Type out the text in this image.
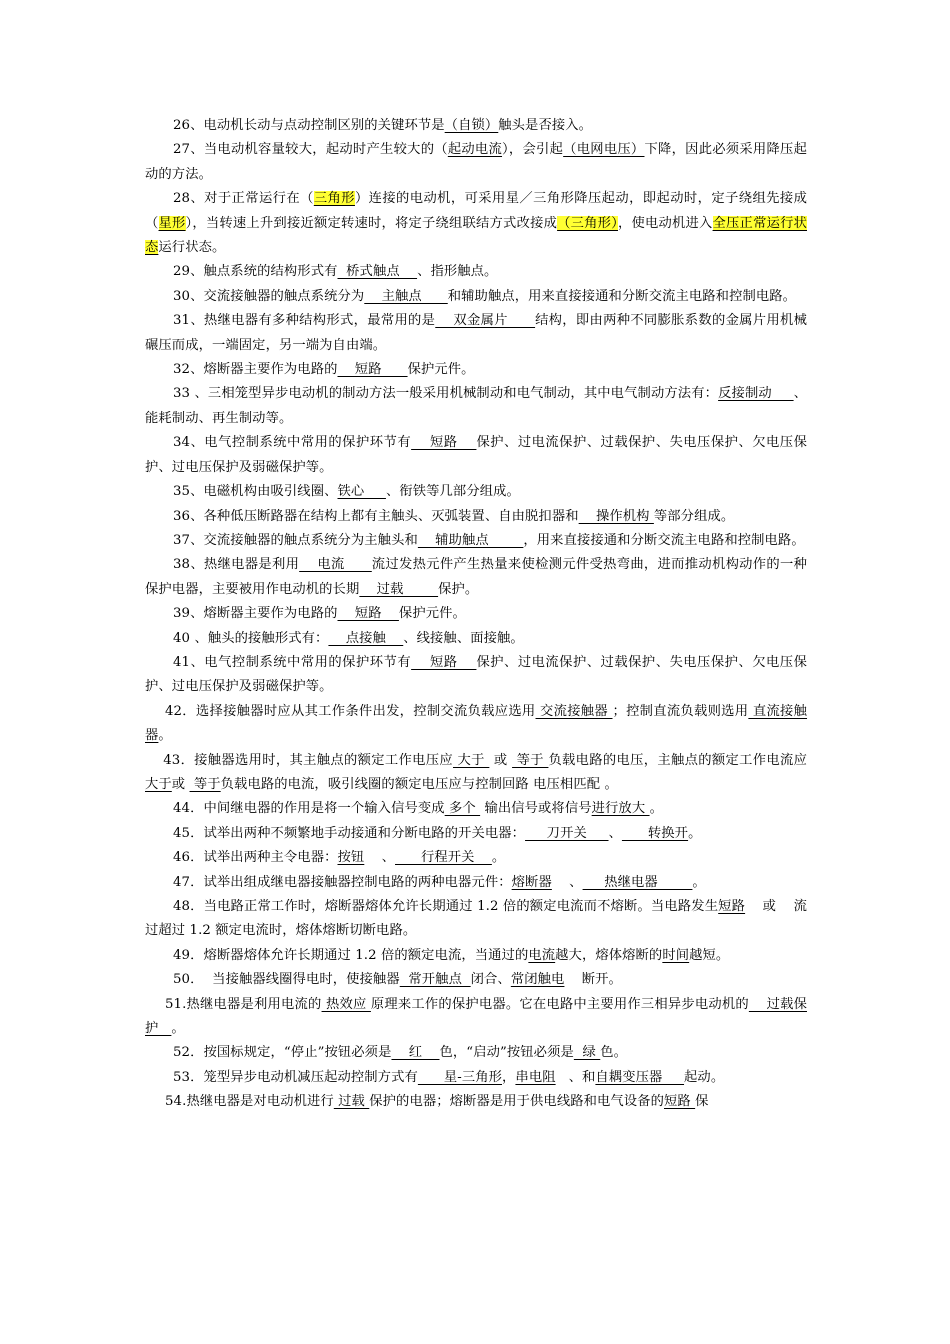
26、电动机长动与点动控制区别的关键环节是（自锁）触头是否接入。

27、当电动机容量较大，起动时产生较大的（起动电流），会引起（电网电压）下降，因此必须采用降压起动的方法。

28、对于正常运行在（三角形）连接的电动机，可采用星／三角形降压起动，即起动时，定子绕组先接成（星形），当转速上升到接近额定转速时，将定子绕组联结方式改接成（三角形），使电动机进入全压正常运行状态运行状态。

29、触点系统的结构形式有  桥式触点    、指形触点。

30、交流接触器的触点系统分为    主触点      和辅助触点，用来直接接通和分断交流主电路和控制电路。

31、热继电器有多种结构形式，最常用的是    双金属片      结构，即由两种不同膨胀系数的金属片用机械碾压而成，一端固定，另一端为自由端。

32、熔断器主要作为电路的    短路      保护元件。

33 、三相笼型异步电动机的制动方法一般采用机械制动和电气制动，其中电气制动方法有：反接制动     、能耗制动、再生制动等。

34、电气控制系统中常用的保护环节有    短路    保护、过电流保护、过载保护、失电压保护、欠电压保护、过电压保护及弱磁保护等。

35、电磁机构由吸引线圈、铁心     、衔铁等几部分组成。

36、各种低压断路器在结构上都有主触头、灭弧装置、自由脱扣器和    操作机构 等部分组成。

37、交流接触器的触点系统分为主触头和    辅助触点        ，用来直接接通和分断交流主电路和控制电路。

38、热继电器是利用    电流      流过发热元件产生热量来使检测元件受热弯曲，进而推动机构动作的一种保护电器，主要被用作电动机的长期    过载        保护。

39、熔断器主要作为电路的    短路    保护元件。

40 、触头的接触形式有：    点接触    、线接触、面接触。

41、电气控制系统中常用的保护环节有    短路    保护、过电流保护、过载保护、失电压保护、欠电压保护、过电压保护及弱磁保护等。

42．选择接触器时应从其工作条件出发，控制交流负载应选用 交流接触器 ；控制直流负载则选用 直流接触器。

43．接触器选用时，其主触点的额定工作电压应 大于  或  等于 负载电路的电压，主触点的额定工作电流应大于或  等于负载电路的电流，吸引线圈的额定电压应与控制回路 电压相匹配 。

44．中间继电器的作用是将一个输入信号变成 多个  输出信号或将信号进行放大 。

45．试举出两种不频繁地手动接通和分断电路的开关电器：     刀开关     、      转换开。

46．试举出两种主令电器：按钮    、      行程开关    。

47．试举出组成继电器接触器控制电路的两种电器元件：熔断器    、     热继电器        。

48．当电路正常工作时，熔断器熔体允许长期通过 1.2 倍的额定电流而不熔断。当电路发生短路    或    流过超过 1.2 额定电流时，熔体熔断切断电路。

49．熔断器熔体允许长期通过 1.2 倍的额定电流，当通过的电流越大，熔体熔断的时间越短。

50．  当接触器线圈得电时，使接触器  常开触点  闭合、常闭触电    断开。

51.热继电器是利用电流的 热效应 原理来工作的保护电器。它在电路中主要用作三相异步电动机的    过载保护   。

52．按国标规定，“停止”按钮必须是    红    色，“启动”按钮必须是  绿 色。

53．笼型异步电动机减压起动控制方式有      星-三角形，串电阻   、和自耦变压器     起动。

54.热继电器是对电动机进行 过载 保护的电器；熔断器是用于供电线路和电气设备的短路 保
